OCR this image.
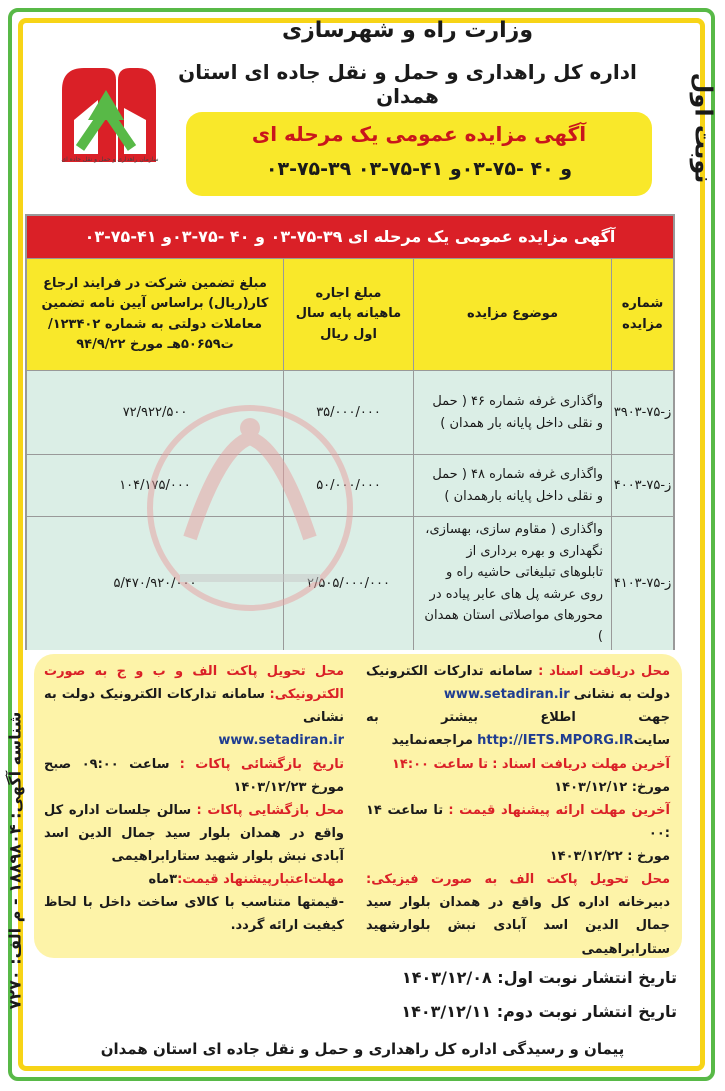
نوبت اول
شناسه آگهی: ۱۸۸۹۸۰۴ - م الف: ۷۲۷۰
وزارت راه و شهرسازی
اداره کل راهداری و حمل و نقل جاده ای استان همدان
سازمان راهداری و حمل و نقل جاده ای
آگهی مزایده عمومی یک مرحله ای
۰۳-۷۵-۳۹ و ۴۰ -۷۵-۰۳و ۴۱-۷۵-۰۳
آگهی مزایده عمومی یک مرحله ای ۳۹-۷۵-۰۳ و ۴۰ -۷۵-۰۳و ۴۱-۷۵-۰۳
شماره مزایده
موضوع مزایده
مبلغ اجاره ماهیانه پایه سال اول ریال
مبلغ تضمین شرکت در فرایند ارجاع کار(ریال) براساس آیین نامه تضمین معاملات دولتی به شماره ۱۲۳۴۰۲/ت۵۰۶۵۹هـ مورخ ۹۴/۹/۲۲
۳۹ز-۷۵-۰۳
واگذاری غرفه شماره ۴۶ ( حمل و نقلی داخل پایانه بار همدان )
۳۵/۰۰۰/۰۰۰
۷۲/۹۲۲/۵۰۰
۴۰ز-۷۵-۰۳
واگذاری غرفه شماره ۴۸ ( حمل و نقلی داخل پایانه بارهمدان )
۵۰/۰۰۰/۰۰۰
۱۰۴/۱۷۵/۰۰۰
۴۱ز-۷۵-۰۳
واگذاری ( مقاوم سازی، بهسازی، نگهداری و بهره برداری از تابلوهای تبلیغاتی حاشیه راه و روی عرشه پل های عابر پیاده در محورهای مواصلاتی استان همدان )
۲/۵۰۵/۰۰۰/۰۰۰
۵/۴۷۰/۹۲۰/۰۰۰
محل دریافت اسناد : سامانه تدارکات الکترونیک دولت به نشانی www.setadiran.ir
جهت اطلاع بیشتر به سایتhttp://IETS.MPORG.IR مراجعه‌نمایید
آخرین مهلت دریافت اسناد : تا ساعت ۱۴:۰۰
مورخ: ۱۴۰۳/۱۲/۱۲
آخرین مهلت ارائه پیشنهاد قیمت : تا ساعت ۱۴ :۰۰
مورخ : ۱۴۰۳/۱۲/۲۲
محل تحویل پاکت الف به صورت فیزیکی: دبیرخانه اداره کل واقع در همدان بلوار سید جمال الدین اسد آبادی نبش بلوارشهید ستارابراهیمی
محل تحویل پاکت الف و ب و ج به صورت الکترونیکی: سامانه تدارکات الکترونیک دولت به نشانی
www.setadiran.ir
تاریخ بازگشائی پاکات : ساعت ۰۹:۰۰ صبح مورخ ۱۴۰۳/۱۲/۲۳
محل بازگشایی پاکات : سالن جلسات اداره کل واقع در همدان بلوار سید جمال الدین اسد آبادی نبش بلوار شهید ستارابراهیمی
مهلت‌اعتبارپیشنهاد قیمت:۳ماه
-قیمتها متناسب با کالای ساخت داخل با لحاظ کیفیت ارائه گردد.
تاریخ انتشار نوبت اول: ۱۴۰۳/۱۲/۰۸
تاریخ انتشار نوبت دوم: ۱۴۰۳/۱۲/۱۱
پیمان و رسیدگی اداره کل راهداری و حمل و نقل جاده ای استان همدان
